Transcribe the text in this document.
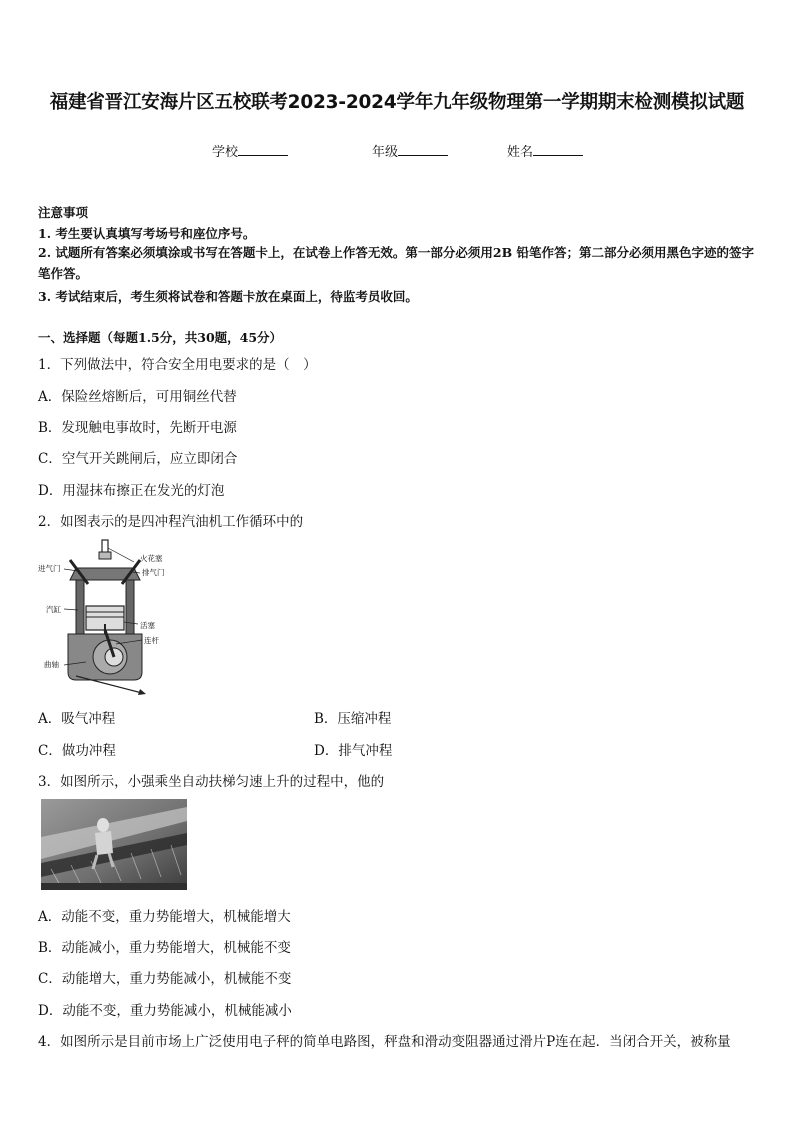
福建省晋江安海片区五校联考2023-2024学年九年级物理第一学期期末检测模拟试题
学校	年级	姓名
注意事项
1. 考生要认真填写考场号和座位序号。
2. 试题所有答案必须填涂或书写在答题卡上，在试卷上作答无效。第一部分必须用2B 铅笔作答；第二部分必须用黑色字迹的签字笔作答。
3. 考试结束后，考生须将试卷和答题卡放在桌面上，待监考员收回。
一、选择题（每题1.5分，共30题，45分）
1．下列做法中，符合安全用电要求的是（　）
A．保险丝熔断后，可用铜丝代替
B．发现触电事故时，先断开电源
C．空气开关跳闸后，应立即闭合
D．用湿抹布擦正在发光的灯泡
2．如图表示的是四冲程汽油机工作循环中的
进气门
火花塞
排气门
汽缸
活塞
连杆
曲轴
A．吸气冲程	B．压缩冲程
C．做功冲程	D．排气冲程
3．如图所示，小强乘坐自动扶梯匀速上升的过程中，他的
A．动能不变，重力势能增大，机械能增大
B．动能减小，重力势能增大，机械能不变
C．动能增大，重力势能减小，机械能不变
D．动能不变，重力势能减小，机械能减小
4．如图所示是目前市场上广泛使用电子秤的简单电路图，秤盘和滑动变阻器通过滑片P连在起．当闭合开关，被称量
